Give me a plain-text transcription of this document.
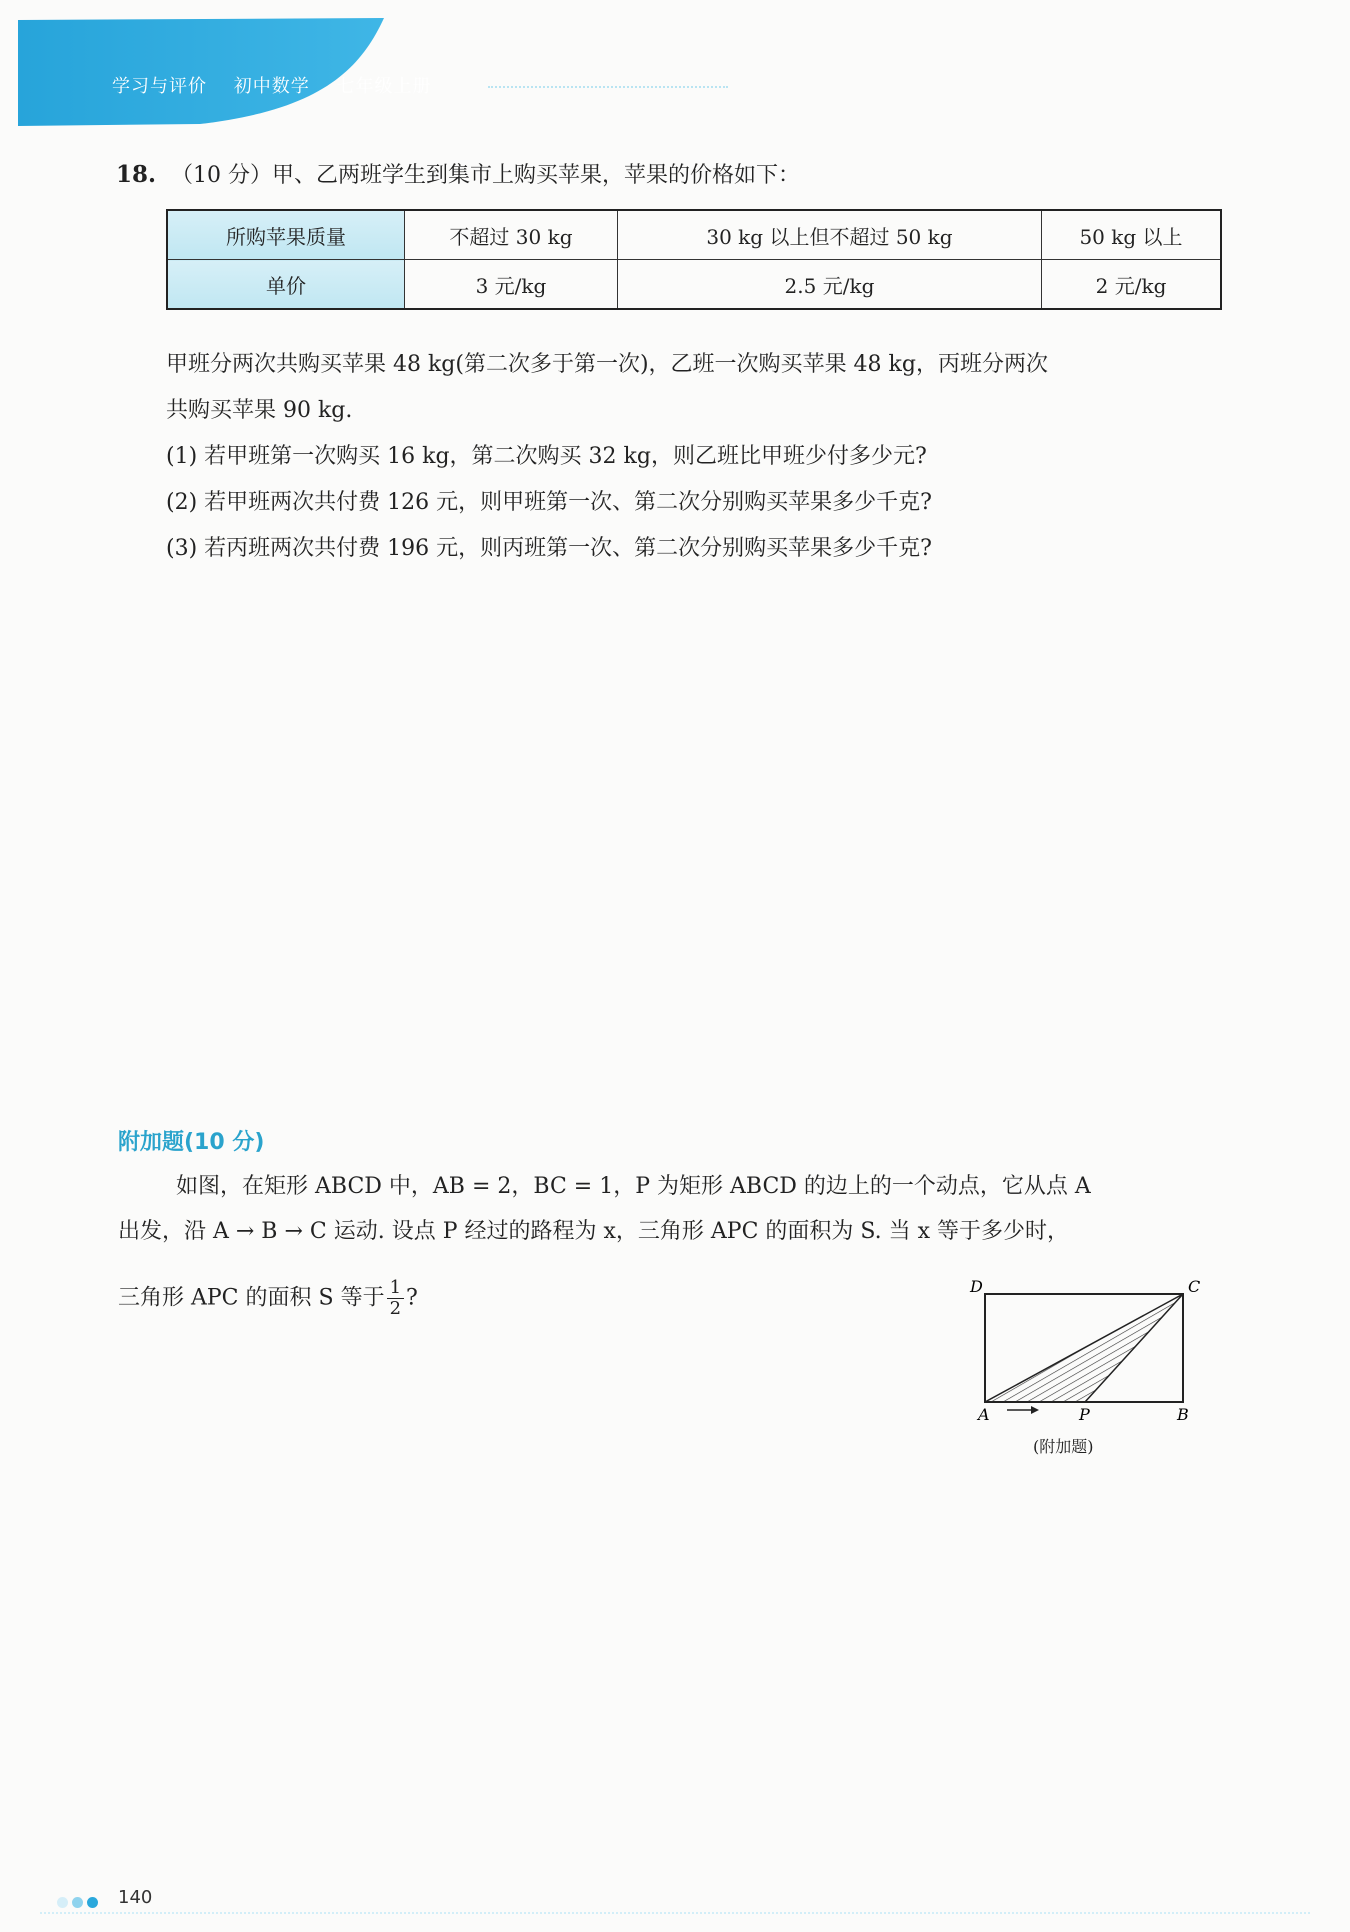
学习与评价 初中数学 七年级上册
18. （10 分）甲、乙两班学生到集市上购买苹果，苹果的价格如下：
所购苹果质量	不超过 30 kg	30 kg 以上但不超过 50 kg	50 kg 以上
单价	3 元/kg	2.5 元/kg	2 元/kg
甲班分两次共购买苹果 48 kg(第二次多于第一次)，乙班一次购买苹果 48 kg，丙班分两次
共购买苹果 90 kg.
(1) 若甲班第一次购买 16 kg，第二次购买 32 kg，则乙班比甲班少付多少元?
(2) 若甲班两次共付费 126 元，则甲班第一次、第二次分别购买苹果多少千克?
(3) 若丙班两次共付费 196 元，则丙班第一次、第二次分别购买苹果多少千克?
附加题(10 分)
如图，在矩形 ABCD 中，AB = 2，BC = 1，P 为矩形 ABCD 的边上的一个动点，它从点 A
出发，沿 A → B → C 运动. 设点 P 经过的路程为 x，三角形 APC 的面积为 S. 当 x 等于多少时，
三角形 APC 的面积 S 等于 $\frac{1}{2}$ ?	D	C
A	P	B
(附加题)
140
